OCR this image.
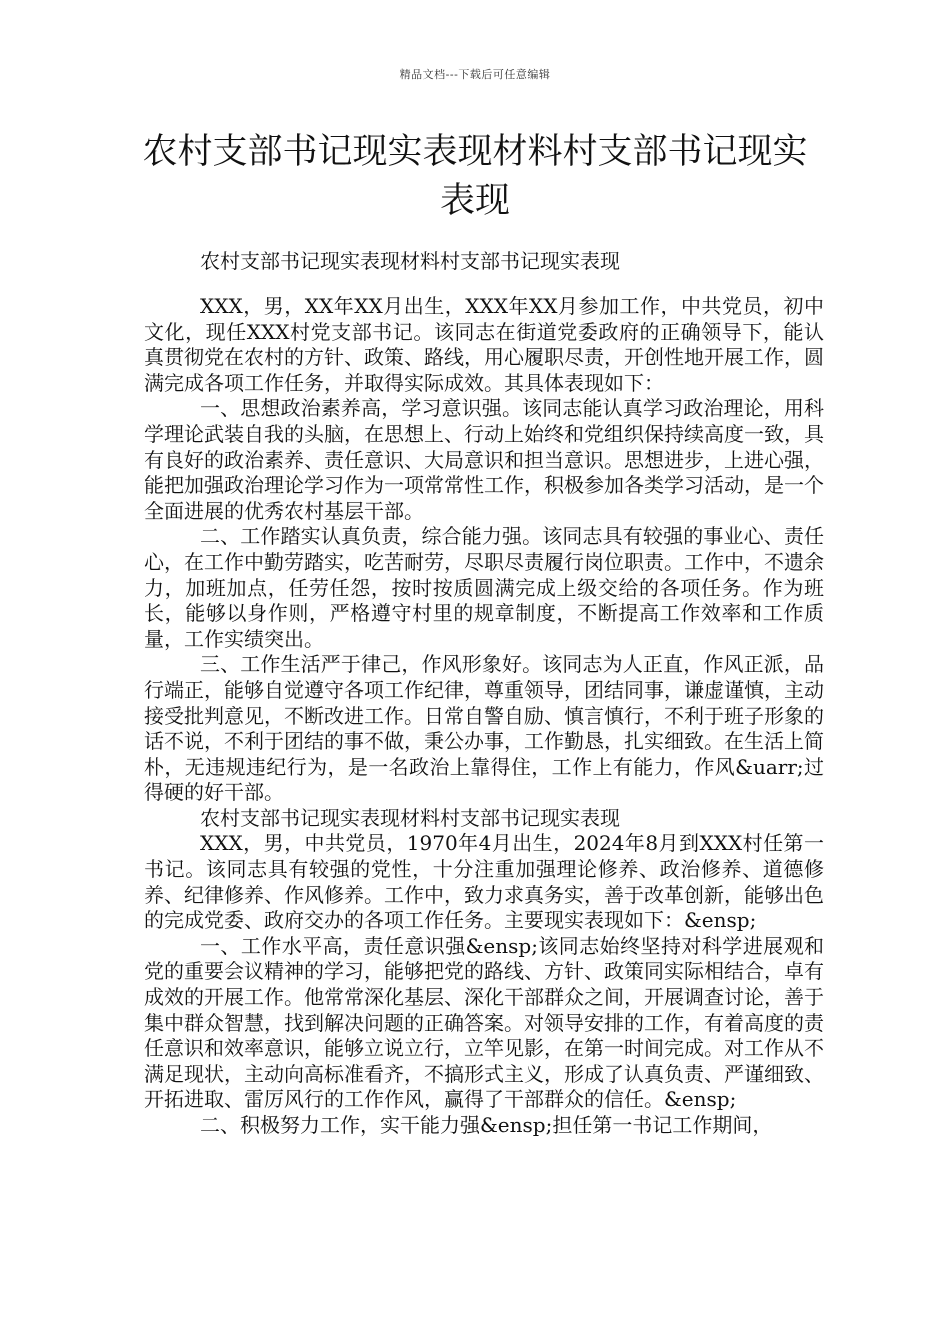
精品文档---下载后可任意编辑
农村支部书记现实表现材料村支部书记现实表现
农村支部书记现实表现材料村支部书记现实表现

XXX，男，XX年XX月出生，XXX年XX月参加工作，中共党员，初中文化，现任XXX村党支部书记。该同志在街道党委政府的正确领导下，能认真贯彻党在农村的方针、政策、路线，用心履职尽责，开创性地开展工作，圆满完成各项工作任务，并取得实际成效。其具体表现如下：

一、思想政治素养高，学习意识强。该同志能认真学习政治理论，用科学理论武装自我的头脑，在思想上、行动上始终和党组织保持续高度一致，具有良好的政治素养、责任意识、大局意识和担当意识。思想进步，上进心强，能把加强政治理论学习作为一项常常性工作，积极参加各类学习活动，是一个全面进展的优秀农村基层干部。

二、工作踏实认真负责，综合能力强。该同志具有较强的事业心、责任心，在工作中勤劳踏实，吃苦耐劳，尽职尽责履行岗位职责。工作中，不遗余力，加班加点，任劳任怨，按时按质圆满完成上级交给的各项任务。作为班长，能够以身作则，严格遵守村里的规章制度，不断提高工作效率和工作质量，工作实绩突出。

三、工作生活严于律己，作风形象好。该同志为人正直，作风正派，品行端正，能够自觉遵守各项工作纪律，尊重领导，团结同事，谦虚谨慎，主动接受批判意见，不断改进工作。日常自警自励、慎言慎行，不利于班子形象的话不说，不利于团结的事不做，秉公办事，工作勤恳，扎实细致。在生活上简朴，无违规违纪行为，是一名政治上靠得住，工作上有能力，作风&uarr;过得硬的好干部。

农村支部书记现实表现材料村支部书记现实表现

XXX，男，中共党员，1970年4月出生，2024年8月到XXX村任第一书记。该同志具有较强的党性，十分注重加强理论修养、政治修养、道德修养、纪律修养、作风修养。工作中，致力求真务实，善于改革创新，能够出色的完成党委、政府交办的各项工作任务。主要现实表现如下：&ensp;

一、工作水平高，责任意识强&ensp;该同志始终坚持对科学进展观和党的重要会议精神的学习，能够把党的路线、方针、政策同实际相结合，卓有成效的开展工作。他常常深化基层、深化干部群众之间，开展调查讨论，善于集中群众智慧，找到解决问题的正确答案。对领导安排的工作，有着高度的责任意识和效率意识，能够立说立行，立竿见影，在第一时间完成。对工作从不满足现状，主动向高标准看齐，不搞形式主义，形成了认真负责、严谨细致、开拓进取、雷厉风行的工作作风，赢得了干部群众的信任。&ensp;

二、积极努力工作，实干能力强&ensp;担任第一书记工作期间，
